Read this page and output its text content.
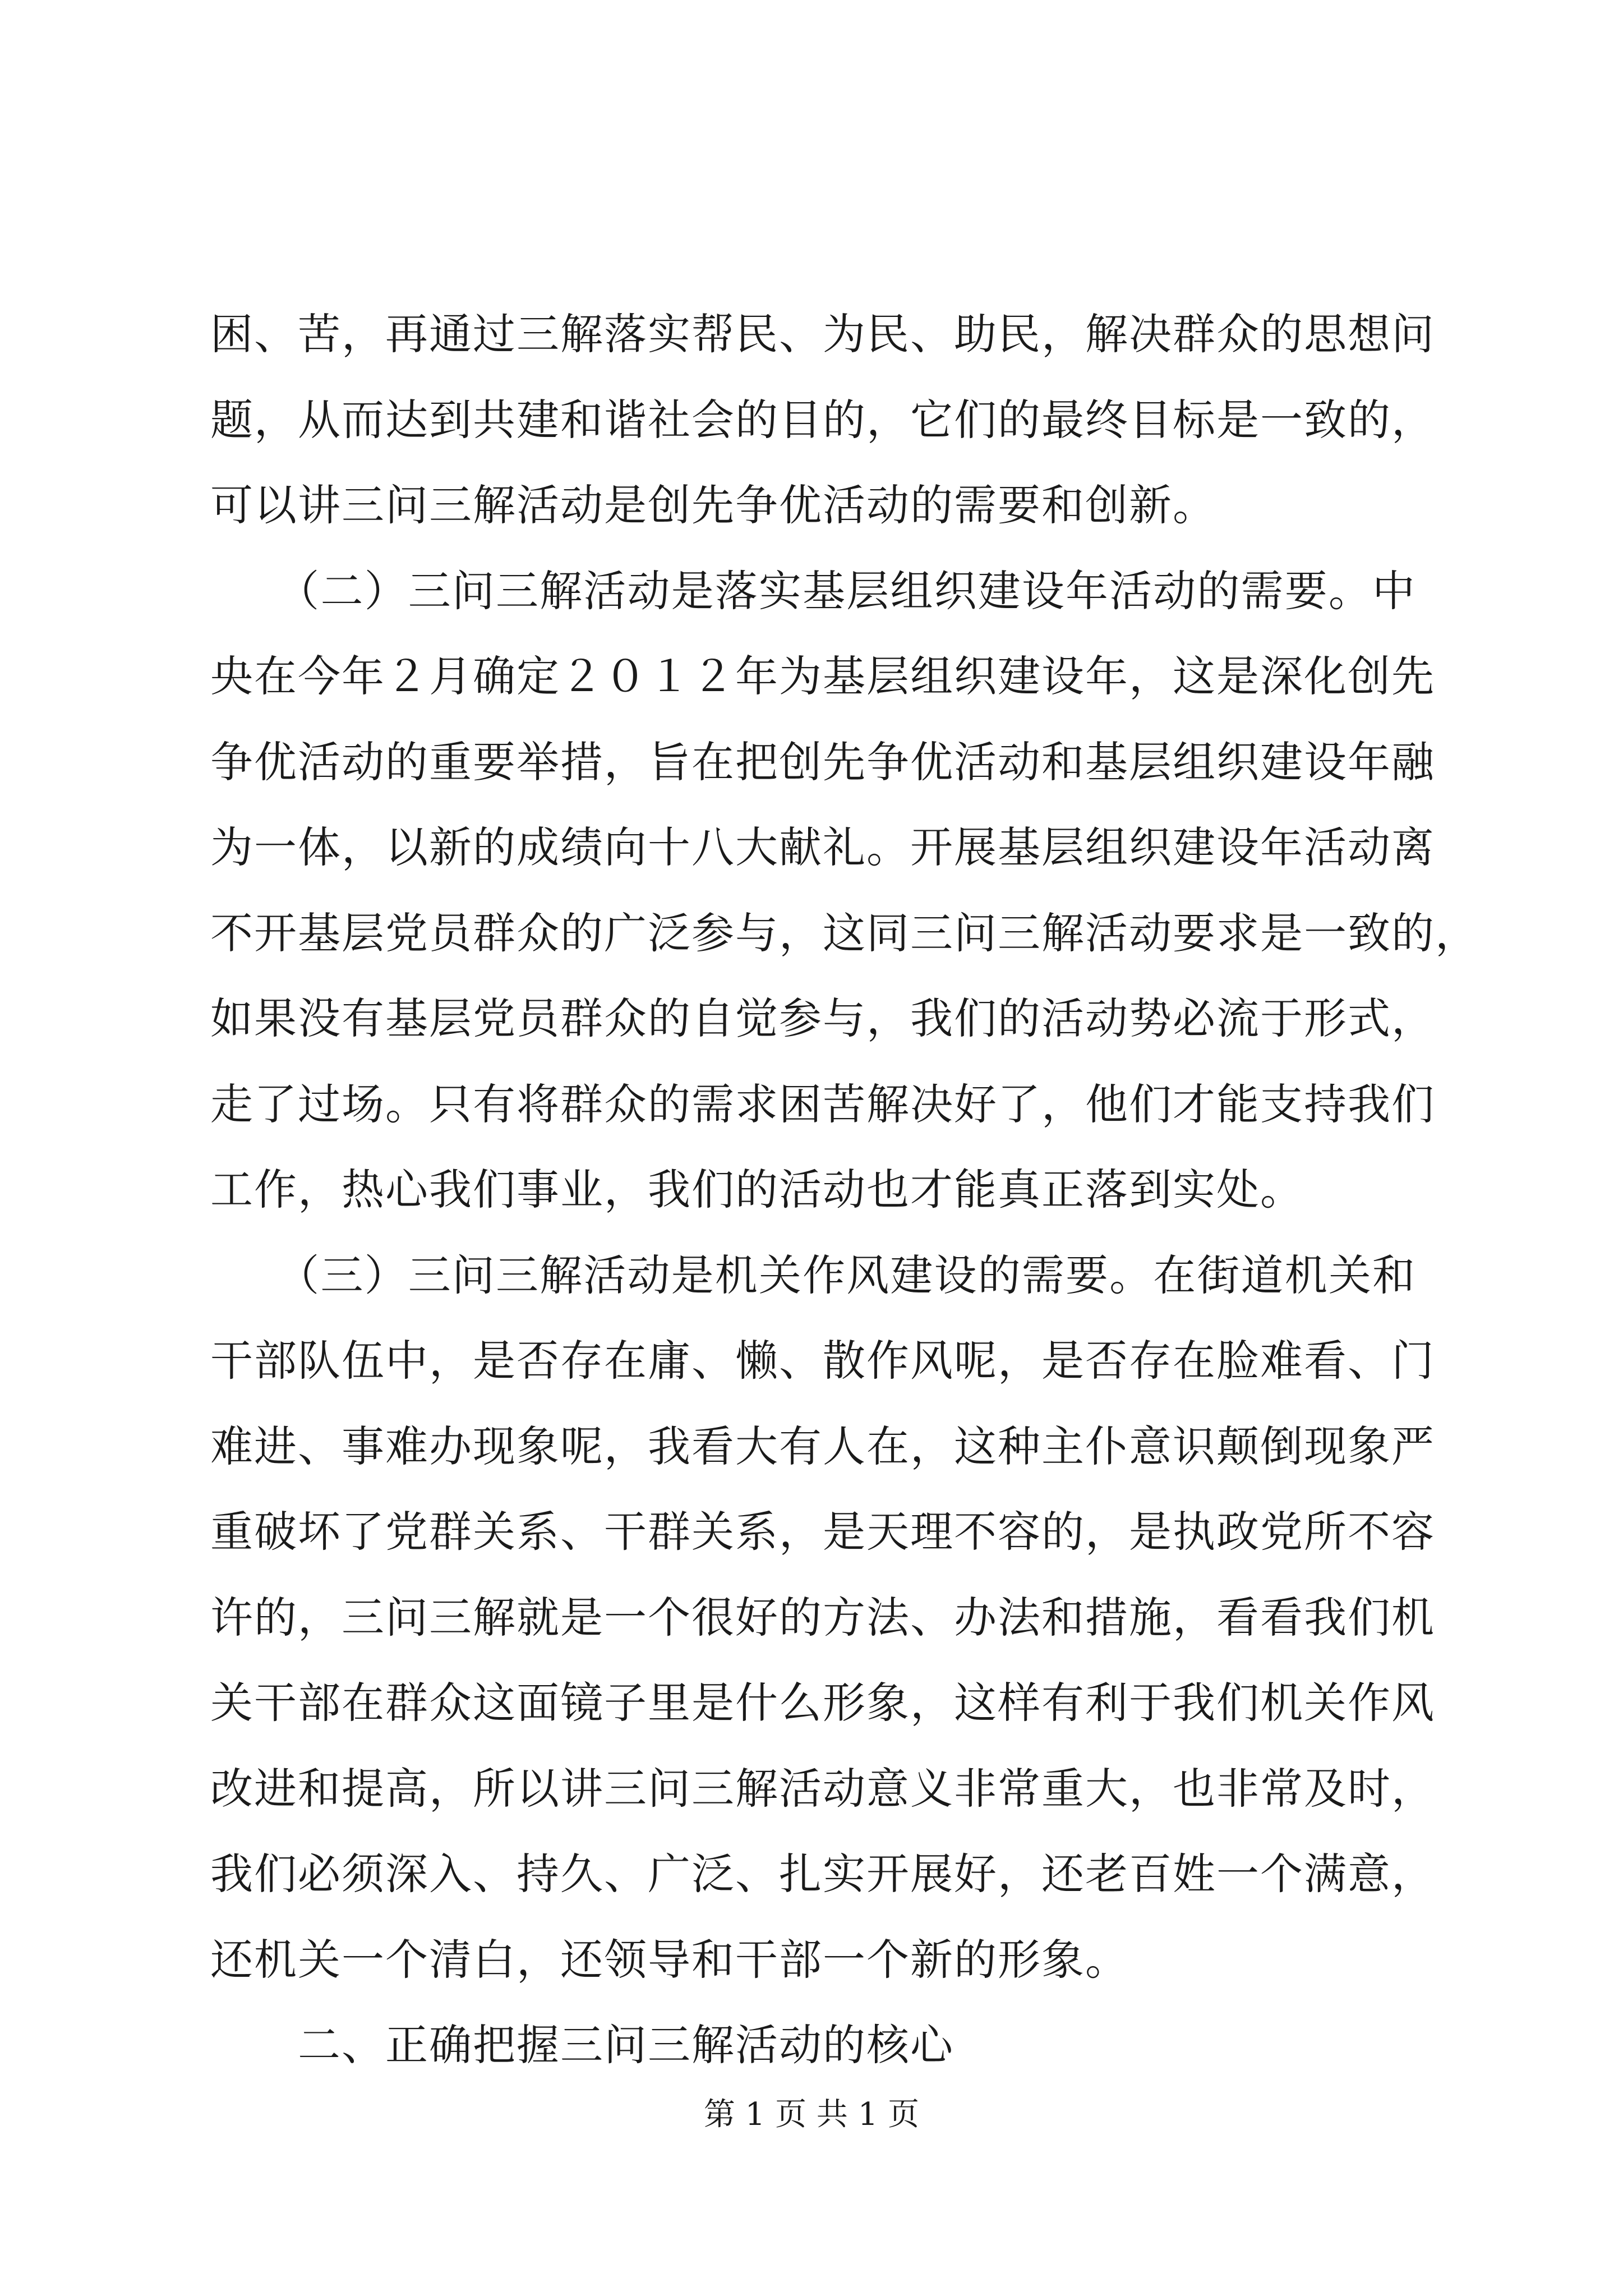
困、苦，再通过三解落实帮民、为民、助民，解决群众的思想问
题，从而达到共建和谐社会的目的，它们的最终目标是一致的，
可以讲三问三解活动是创先争优活动的需要和创新。
　　（二）三问三解活动是落实基层组织建设年活动的需要。中
央在今年２月确定２０１２年为基层组织建设年，这是深化创先
争优活动的重要举措，旨在把创先争优活动和基层组织建设年融
为一体，以新的成绩向十八大献礼。开展基层组织建设年活动离
不开基层党员群众的广泛参与，这同三问三解活动要求是一致的，
如果没有基层党员群众的自觉参与，我们的活动势必流于形式，
走了过场。只有将群众的需求困苦解决好了，他们才能支持我们
工作，热心我们事业，我们的活动也才能真正落到实处。
　　（三）三问三解活动是机关作风建设的需要。在街道机关和
干部队伍中，是否存在庸、懒、散作风呢，是否存在脸难看、门
难进、事难办现象呢，我看大有人在，这种主仆意识颠倒现象严
重破坏了党群关系、干群关系，是天理不容的，是执政党所不容
许的，三问三解就是一个很好的方法、办法和措施，看看我们机
关干部在群众这面镜子里是什么形象，这样有利于我们机关作风
改进和提高，所以讲三问三解活动意义非常重大，也非常及时，
我们必须深入、持久、广泛、扎实开展好，还老百姓一个满意，
还机关一个清白，还领导和干部一个新的形象。
　　二、正确把握三问三解活动的核心
第 1 页 共 1 页
